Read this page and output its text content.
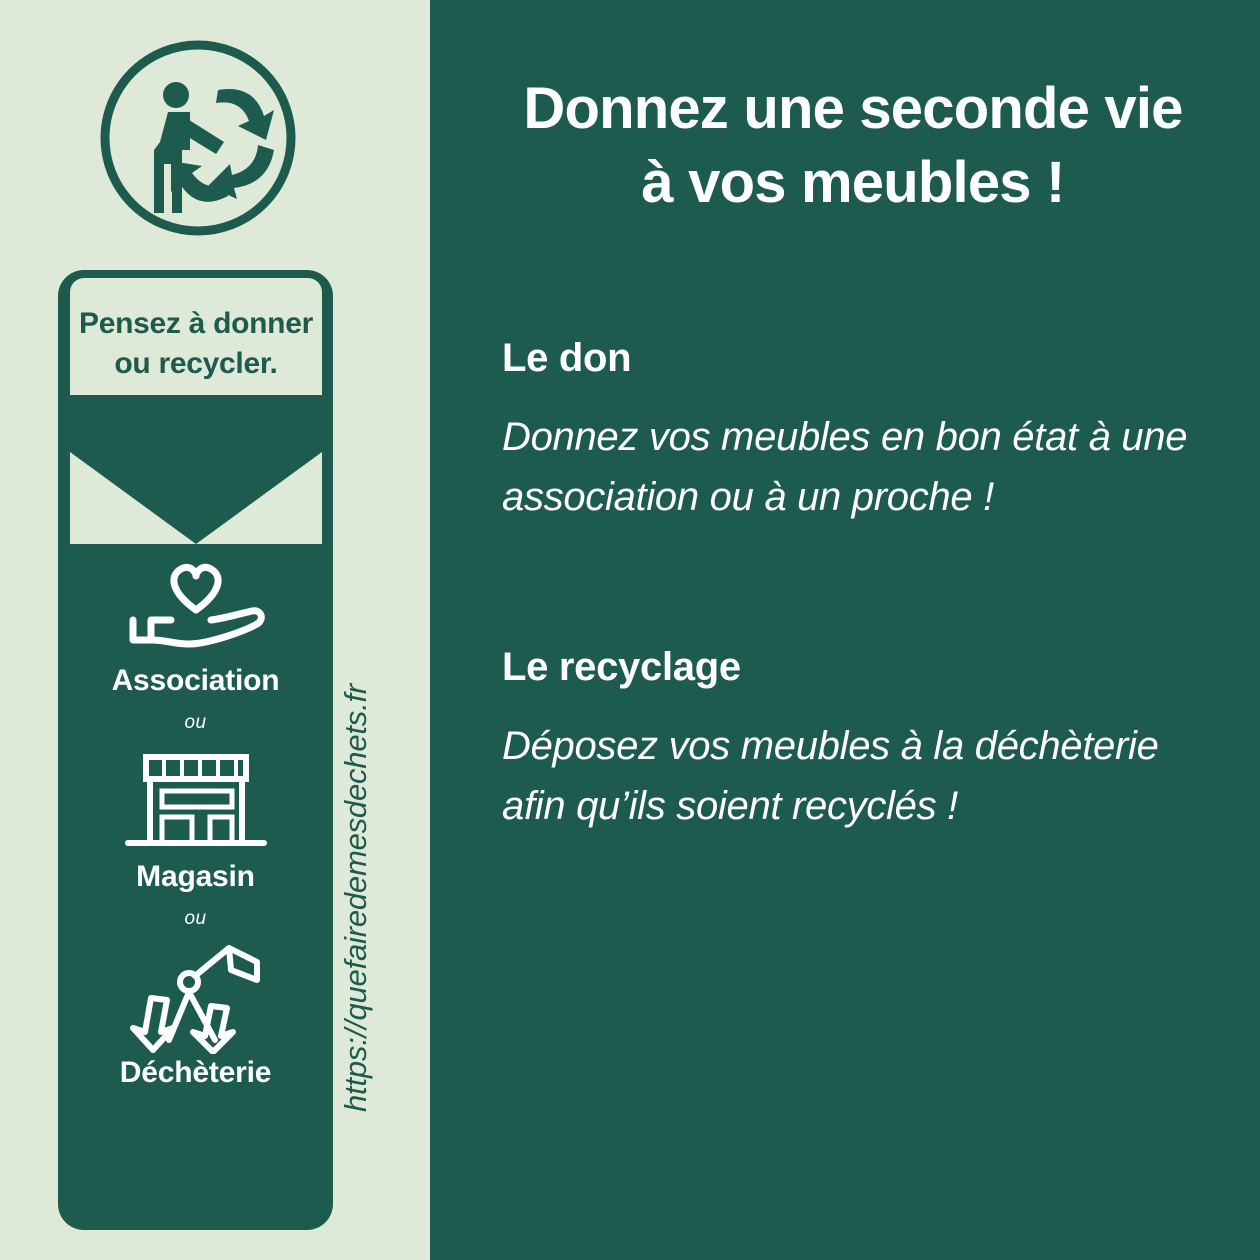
Pensez à donner ou recycler.
Association
ou
Magasin
ou
Déchèterie	https://quefairedemesdechets.fr
Donnez une seconde vie
à vos meubles !
Le don

Donnez vos meubles en bon état à une association ou à un proche !

Le recyclage

Déposez vos meubles à la déchèterie afin qu’ils soient recyclés !
